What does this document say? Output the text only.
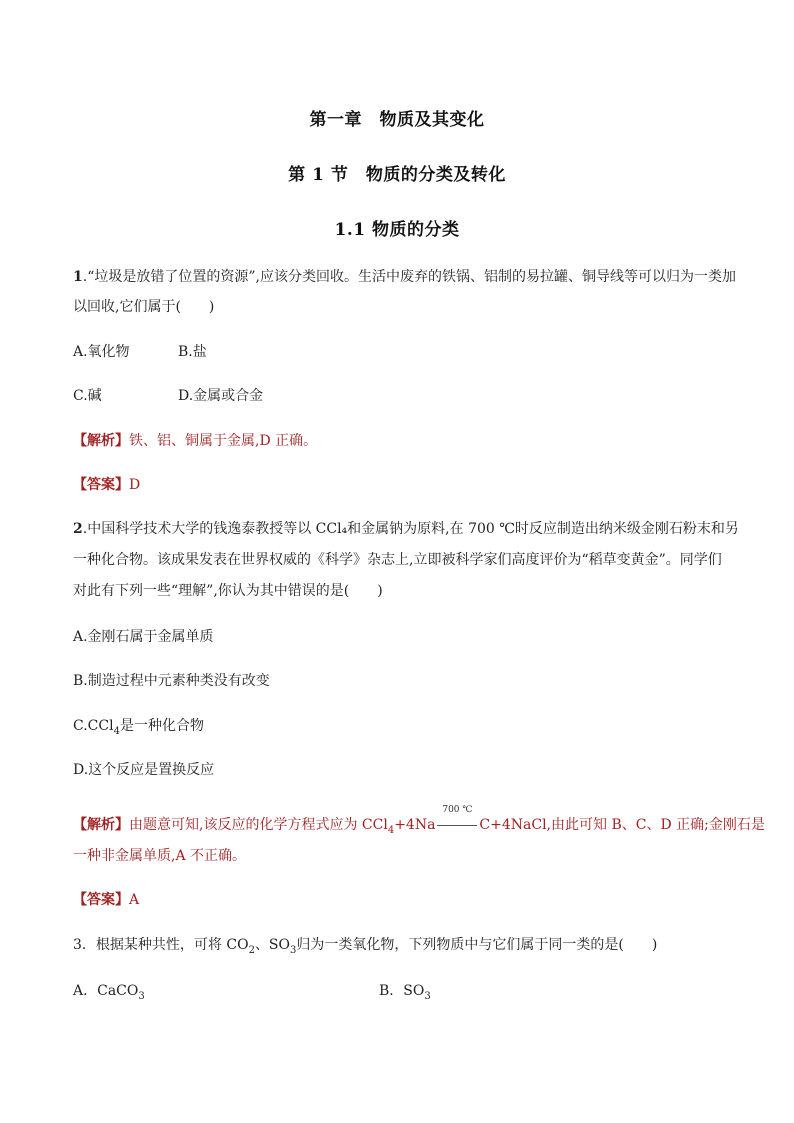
第一章　物质及其变化
第 1 节　物质的分类及转化
1.1 物质的分类
1.“垃圾是放错了位置的资源”,应该分类回收。生活中废弃的铁锅、铝制的易拉罐、铜导线等可以归为一类加
以回收,它们属于(　　)
A.氧化物	B.盐
C.碱	D.金属或合金
【解析】铁、铝、铜属于金属,D 正确。
【答案】D
2.中国科学技术大学的钱逸泰教授等以 CCl₄和金属钠为原料,在 700 ℃时反应制造出纳米级金刚石粉末和另
一种化合物。该成果发表在世界权威的《科学》杂志上,立即被科学家们高度评价为“稻草变黄金”。同学们
对此有下列一些“理解”,你认为其中错误的是(　　)
A.金刚石属于金属单质
B.制造过程中元素种类没有改变
C.CCl$_4$是一种化合物
D.这个反应是置换反应
【解析】由题意可知,该反应的化学方程式应为 CCl$_4$+4Na
700 ℃
C+4NaCl,由此可知 B、C、D 正确;金刚石是
一种非金属单质,A 不正确。
【答案】A
3．根据某种共性，可将 $CO_2$、$SO_3$归为一类氧化物，下列物质中与它们属于同一类的是(　　)
A．CaCO$_3$	B．$SO_3$
